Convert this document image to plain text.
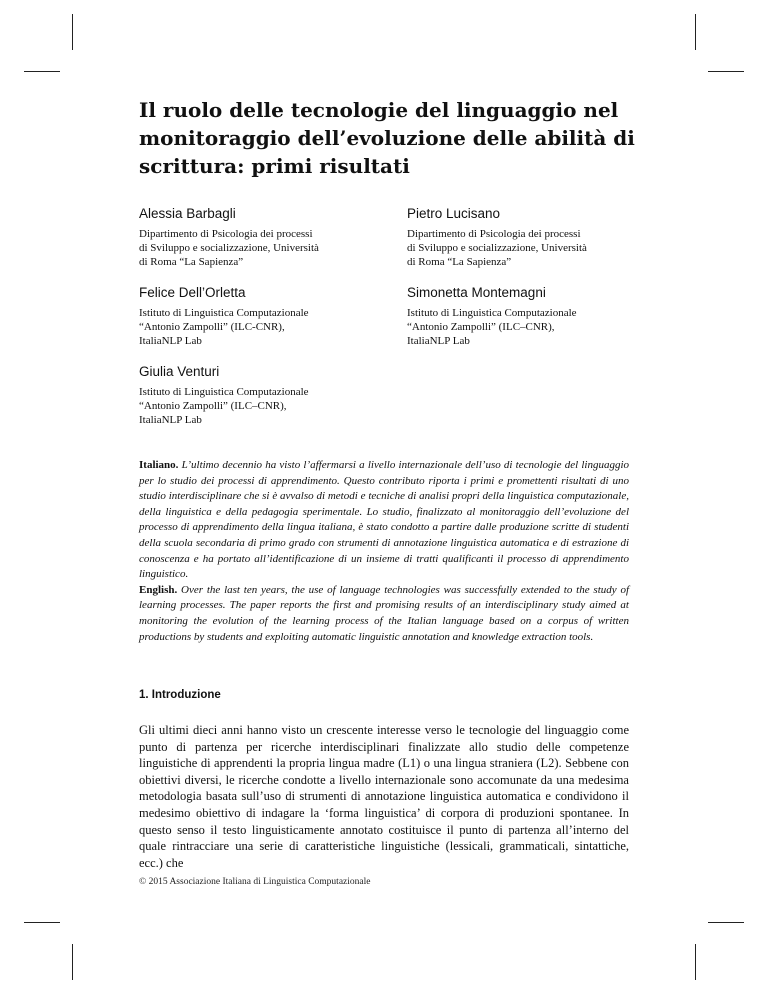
Il ruolo delle tecnologie del linguaggio nel monitoraggio dell’evoluzione delle abilità di scrittura: primi risultati
Alessia Barbagli
Dipartimento di Psicologia dei processi
di Sviluppo e socializzazione, Università
di Roma “La Sapienza”
Pietro Lucisano
Dipartimento di Psicologia dei processi
di Sviluppo e socializzazione, Università
di Roma “La Sapienza”
Felice Dell’Orletta
Istituto di Linguistica Computazionale
“Antonio Zampolli” (ILC-CNR),
ItaliaNLP Lab
Simonetta Montemagni
Istituto di Linguistica Computazionale
“Antonio Zampolli” (ILC–CNR),
ItaliaNLP Lab
Giulia Venturi
Istituto di Linguistica Computazionale
“Antonio Zampolli” (ILC–CNR),
ItaliaNLP Lab

Italiano. L’ultimo decennio ha visto l’affermarsi a livello internazionale dell’uso di tecnologie del linguaggio per lo studio dei processi di apprendimento. Questo contributo riporta i primi e promettenti risultati di uno studio interdisciplinare che si è avvalso di metodi e tecniche di analisi propri della linguistica computazionale, della linguistica e della pedagogia sperimentale. Lo studio, finalizzato al monitoraggio dell’evoluzione del processo di apprendimento della lingua italiana, è stato condotto a partire dalle produzione scritte di studenti della scuola secondaria di primo grado con strumenti di annotazione linguistica automatica e di estrazione di conoscenza e ha portato all’identificazione di un insieme di tratti qualificanti il processo di apprendimento linguistico.

English. Over the last ten years, the use of language technologies was successfully extended to the study of learning processes. The paper reports the first and promising results of an interdisciplinary study aimed at monitoring the evolution of the learning process of the Italian language based on a corpus of written productions by students and exploiting automatic linguistic annotation and knowledge extraction tools.

1. Introduzione

Gli ultimi dieci anni hanno visto un crescente interesse verso le tecnologie del linguaggio come punto di partenza per ricerche interdisciplinari finalizzate allo studio delle competenze linguistiche di apprendenti la propria lingua madre (L1) o una lingua straniera (L2). Sebbene con obiettivi diversi, le ricerche condotte a livello internazionale sono accomunate da una medesima metodologia basata sull’uso di strumenti di annotazione linguistica automatica e condividono il medesimo obiettivo di indagare la ‘forma linguistica’ di corpora di produzioni spontanee. In questo senso il testo linguisticamente annotato costituisce il punto di partenza all’interno del quale rintracciare una serie di caratteristiche linguistiche (lessicali, grammaticali, sintattiche, ecc.) che

© 2015 Associazione Italiana di Linguistica Computazionale
